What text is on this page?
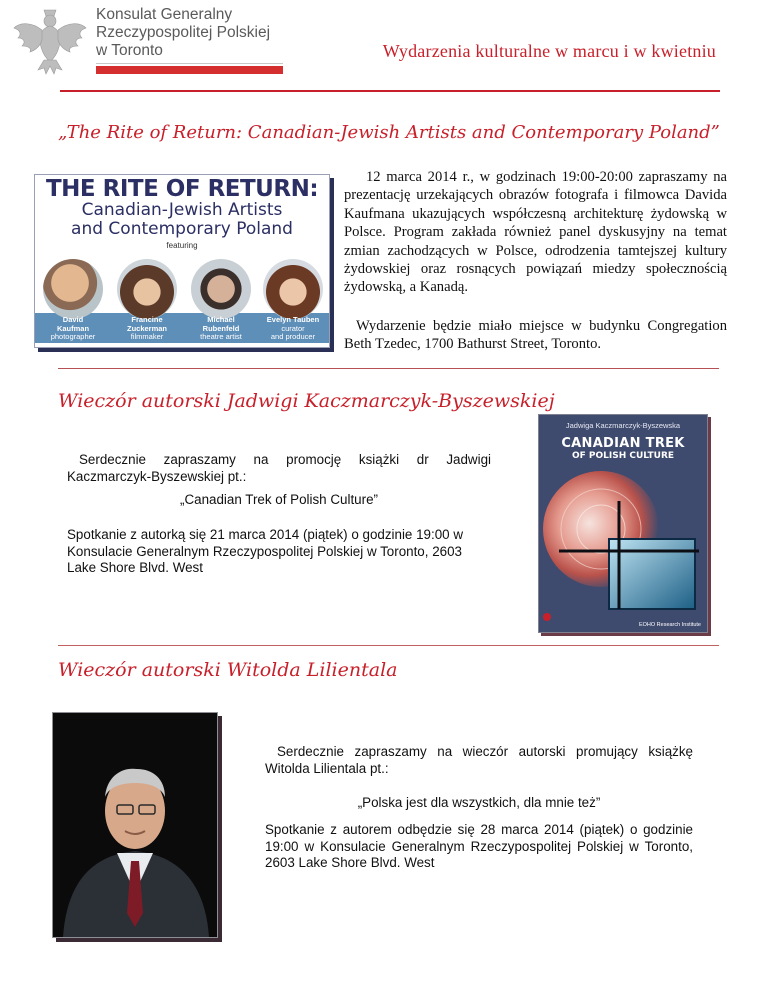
Konsulat Generalny
Rzeczypospolitej Polskiej
w Toronto	Wydarzenia kulturalne w marcu i w kwietniu
„The Rite of Return: Canadian-Jewish Artists and Contemporary Poland”
THE RITE OF RETURN:
Canadian-Jewish Artists
and Contemporary Poland
featuring
David
Kaufman
photographer
Francine
Zuckerman
filmmaker
Michael
Rubenfeld
theatre artist
Evelyn Tauben
curator
and producer
12 marca 2014 r., w godzinach 19:00-20:00 zapraszamy na prezentację urzekających obrazów fotografa i filmowca Davida Kaufmana ukazujących współczesną architekturę żydowską w Polsce. Program zakłada również panel dyskusyjny na temat zmian zachodzących w Polsce, odrodzenia tamtejszej kultury żydowskiej oraz rosnących powiązań miedzy społecznością żydowską, a Kanadą.
Wydarzenie będzie miało miejsce w budynku Congregation Beth Tzedec, 1700 Bathurst Street, Toronto.
Wieczór autorski Jadwigi Kaczmarczyk-Byszewskiej
Jadwiga Kaczmarczyk-Byszewska
CANADIAN TREK
OF POLISH CULTURE
EOHO Research Institute
Serdecznie zapraszamy na promocję książki dr Jadwigi Kaczmarczyk-Byszewskiej pt.:
„Canadian Trek of Polish Culture”
Spotkanie z autorką się 21 marca 2014 (piątek) o godzinie 19:00 w Konsulacie Generalnym Rzeczypospolitej Polskiej w Toronto, 2603 Lake Shore Blvd. West
Wieczór autorski Witolda Lilientala
Serdecznie zapraszamy na wieczór autorski promujący książkę Witolda Lilientala pt.:
„Polska jest dla wszystkich, dla mnie też”
Spotkanie z autorem odbędzie się 28 marca 2014 (piątek) o godzinie 19:00 w Konsulacie Generalnym Rzeczypospolitej Polskiej w Toronto, 2603 Lake Shore Blvd. West
